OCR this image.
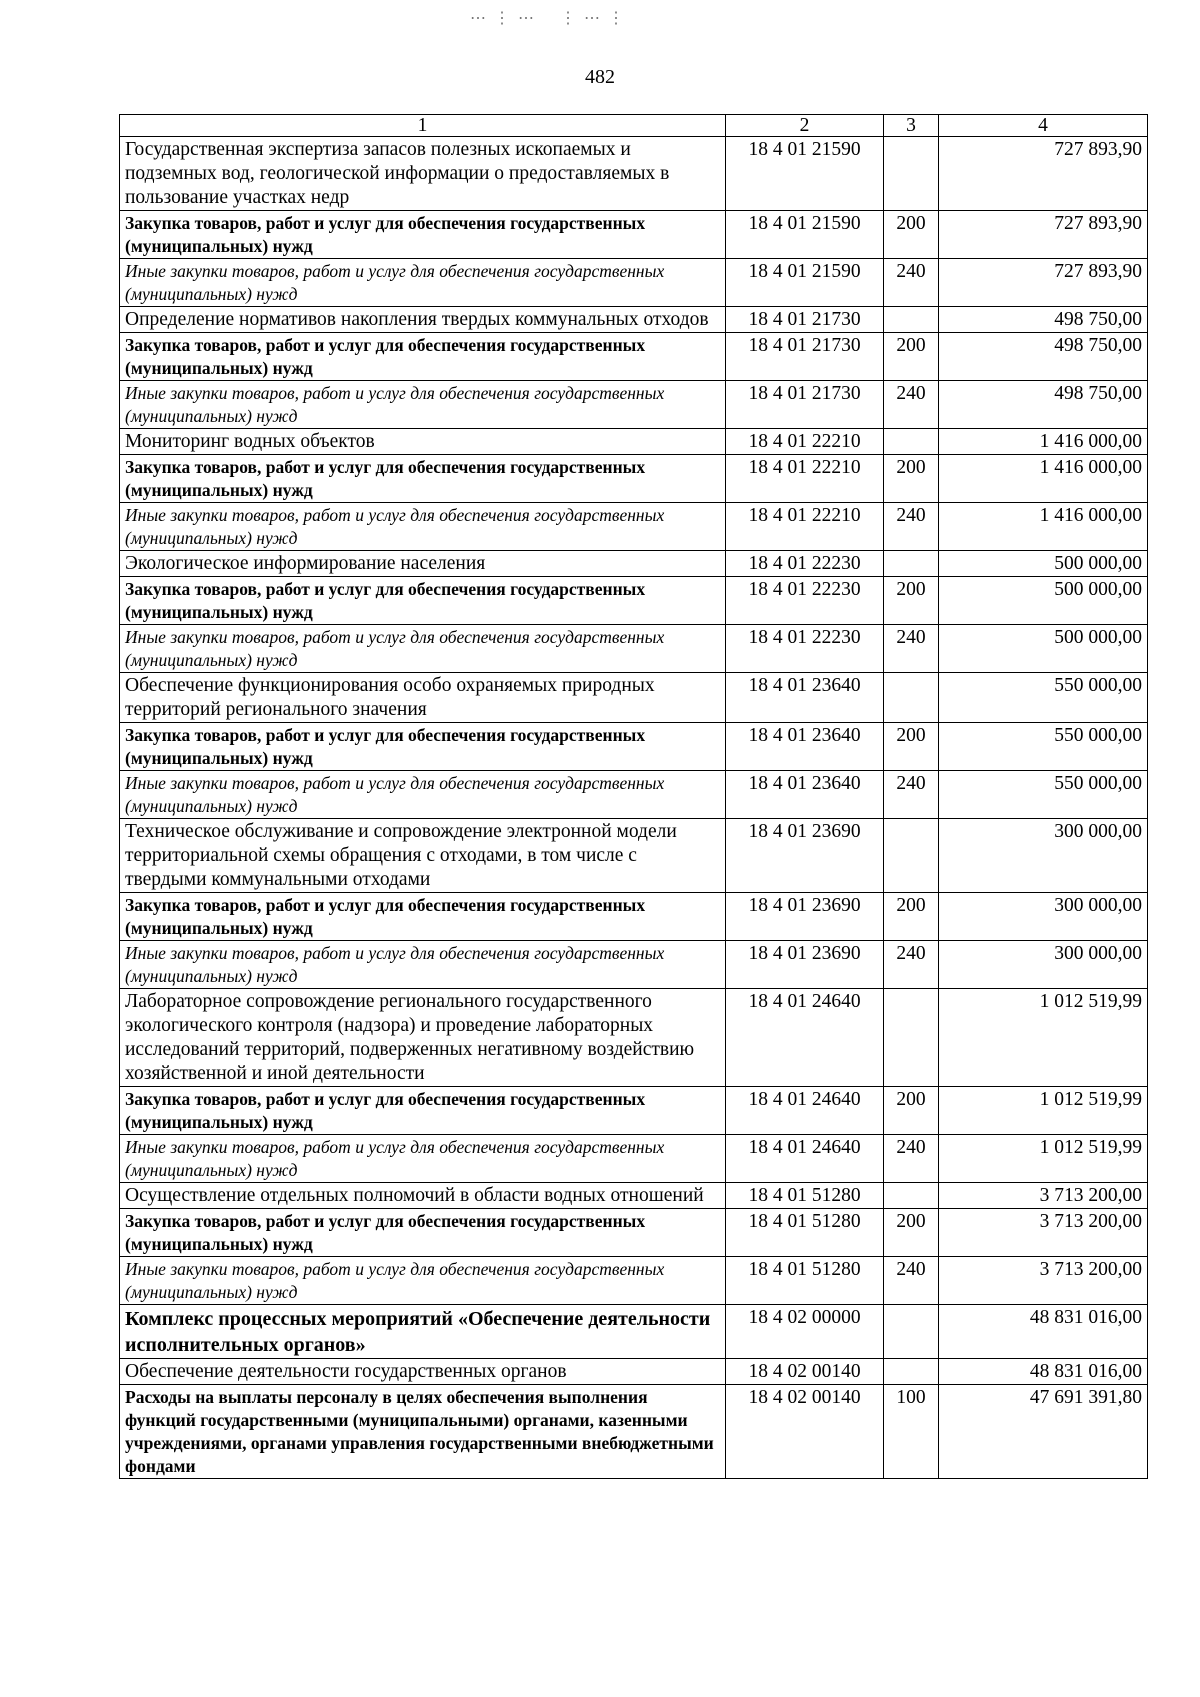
⋯ ⋮ ⋯    ⋮ ⋯ ⋮
482
1	2	3	4
Государственная экспертиза запасов полезных ископаемых и подземных вод, геологической информации о предоставляемых в пользование участках недр	18 4 01 21590		727 893,90
Закупка товаров, работ и услуг для обеспечения государственных (муниципальных) нужд	18 4 01 21590	200	727 893,90
Иные закупки товаров, работ и услуг для обеспечения государственных (муниципальных) нужд	18 4 01 21590	240	727 893,90
Определение нормативов накопления твердых коммунальных отходов	18 4 01 21730		498 750,00
Закупка товаров, работ и услуг для обеспечения государственных (муниципальных) нужд	18 4 01 21730	200	498 750,00
Иные закупки товаров, работ и услуг для обеспечения государственных (муниципальных) нужд	18 4 01 21730	240	498 750,00
Мониторинг водных объектов	18 4 01 22210		1 416 000,00
Закупка товаров, работ и услуг для обеспечения государственных (муниципальных) нужд	18 4 01 22210	200	1 416 000,00
Иные закупки товаров, работ и услуг для обеспечения государственных (муниципальных) нужд	18 4 01 22210	240	1 416 000,00
Экологическое информирование населения	18 4 01 22230		500 000,00
Закупка товаров, работ и услуг для обеспечения государственных (муниципальных) нужд	18 4 01 22230	200	500 000,00
Иные закупки товаров, работ и услуг для обеспечения государственных (муниципальных) нужд	18 4 01 22230	240	500 000,00
Обеспечение функционирования особо охраняемых природных территорий регионального значения	18 4 01 23640		550 000,00
Закупка товаров, работ и услуг для обеспечения государственных (муниципальных) нужд	18 4 01 23640	200	550 000,00
Иные закупки товаров, работ и услуг для обеспечения государственных (муниципальных) нужд	18 4 01 23640	240	550 000,00
Техническое обслуживание и сопровождение электронной модели территориальной схемы обращения с отходами, в том числе с твердыми коммунальными отходами	18 4 01 23690		300 000,00
Закупка товаров, работ и услуг для обеспечения государственных (муниципальных) нужд	18 4 01 23690	200	300 000,00
Иные закупки товаров, работ и услуг для обеспечения государственных (муниципальных) нужд	18 4 01 23690	240	300 000,00
Лабораторное сопровождение регионального государственного экологического контроля (надзора) и проведение лабораторных исследований территорий, подверженных негативному воздействию хозяйственной и иной деятельности	18 4 01 24640		1 012 519,99
Закупка товаров, работ и услуг для обеспечения государственных (муниципальных) нужд	18 4 01 24640	200	1 012 519,99
Иные закупки товаров, работ и услуг для обеспечения государственных (муниципальных) нужд	18 4 01 24640	240	1 012 519,99
Осуществление отдельных полномочий в области водных отношений	18 4 01 51280		3 713 200,00
Закупка товаров, работ и услуг для обеспечения государственных (муниципальных) нужд	18 4 01 51280	200	3 713 200,00
Иные закупки товаров, работ и услуг для обеспечения государственных (муниципальных) нужд	18 4 01 51280	240	3 713 200,00
Комплекс процессных мероприятий «Обеспечение деятельности исполнительных органов»	18 4 02 00000		48 831 016,00
Обеспечение деятельности государственных органов	18 4 02 00140		48 831 016,00
Расходы на выплаты персоналу в целях обеспечения выполнения функций государственными (муниципальными) органами, казенными учреждениями, органами управления государственными внебюджетными фондами	18 4 02 00140	100	47 691 391,80
